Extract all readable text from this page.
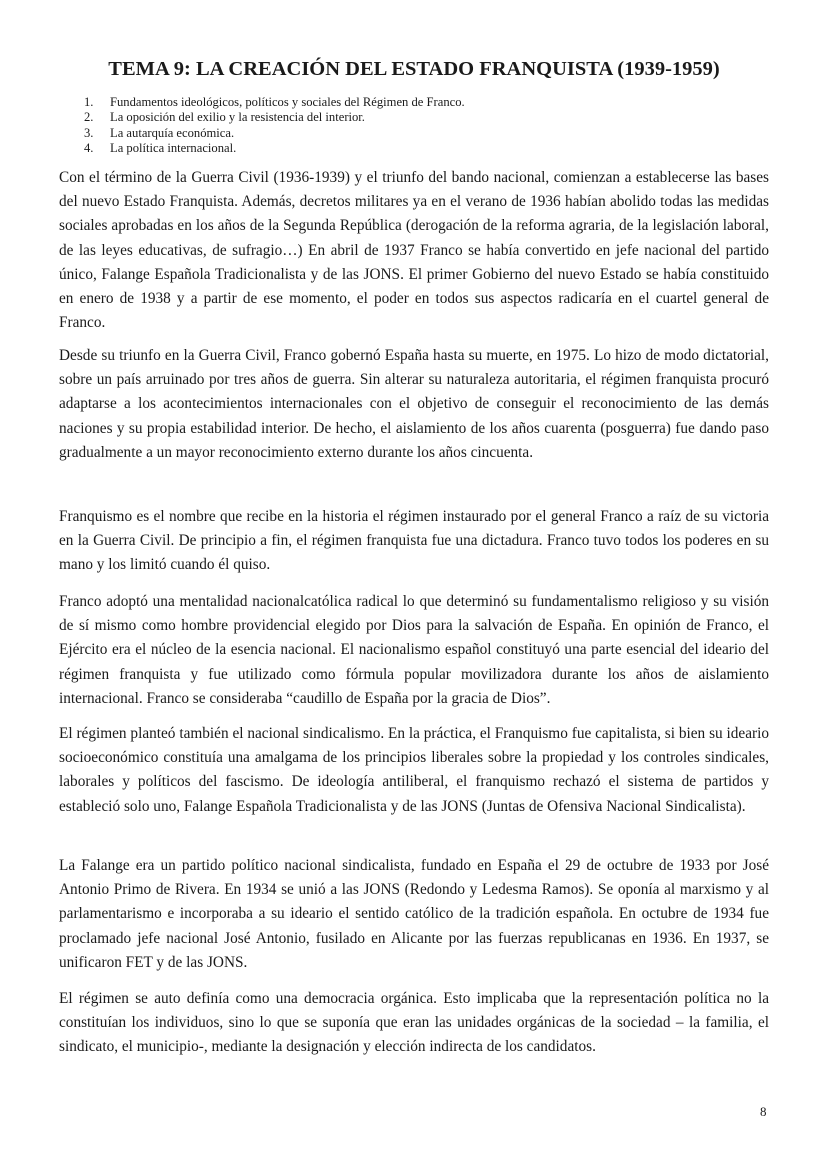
TEMA 9: LA CREACIÓN DEL ESTADO FRANQUISTA (1939-1959)
1.	Fundamentos ideológicos, políticos y sociales del Régimen de Franco.
2.	La oposición del exilio y la resistencia del interior.
3.	La autarquía económica.
4.	La política internacional.

Con el término de la Guerra Civil (1936-1939) y el triunfo del bando nacional, comienzan a establecerse las bases del nuevo Estado Franquista. Además, decretos militares ya en el verano de 1936 habían abolido todas las medidas sociales aprobadas en los años de la Segunda República (derogación de la reforma agraria, de la legislación laboral, de las leyes educativas, de sufragio…) En abril de 1937 Franco se había convertido en jefe nacional del partido único, Falange Española Tradicionalista y de las JONS. El primer Gobierno del nuevo Estado se había constituido en enero de 1938 y a partir de ese momento, el poder en todos sus aspectos radicaría en el cuartel general de Franco.

Desde su triunfo en la Guerra Civil, Franco gobernó España hasta su muerte, en 1975. Lo hizo de modo dictatorial, sobre un país arruinado por tres años de guerra. Sin alterar su naturaleza autoritaria, el régimen franquista procuró adaptarse a los acontecimientos internacionales con el objetivo de conseguir el reconocimiento de las demás naciones y su propia estabilidad interior. De hecho, el aislamiento de los años cuarenta (posguerra) fue dando paso gradualmente a un mayor reconocimiento externo durante los años cincuenta.

Franquismo es el nombre que recibe en la historia el régimen instaurado por el general Franco a raíz de su victoria en la Guerra Civil. De principio a fin, el régimen franquista fue una dictadura. Franco tuvo todos los poderes en su mano y los limitó cuando él quiso.

Franco adoptó una mentalidad nacionalcatólica radical lo que determinó su fundamentalismo religioso y su visión de sí mismo como hombre providencial elegido por Dios para la salvación de España. En opinión de Franco, el Ejército era el núcleo de la esencia nacional. El nacionalismo español constituyó una parte esencial del ideario del régimen franquista y fue utilizado como fórmula popular movilizadora durante los años de aislamiento internacional. Franco se consideraba “caudillo de España por la gracia de Dios”.

El régimen planteó también el nacional sindicalismo. En la práctica, el Franquismo fue capitalista, si bien su ideario socioeconómico constituía una amalgama de los principios liberales sobre la propiedad y los controles sindicales, laborales y políticos del fascismo. De ideología antiliberal, el franquismo rechazó el sistema de partidos y estableció solo uno, Falange Española Tradicionalista y de las JONS (Juntas de Ofensiva Nacional Sindicalista).

La Falange era un partido político nacional sindicalista, fundado en España el 29 de octubre de 1933 por José Antonio Primo de Rivera. En 1934 se unió a las JONS (Redondo y Ledesma Ramos). Se oponía al marxismo y al parlamentarismo e incorporaba a su ideario el sentido católico de la tradición española. En octubre de 1934 fue proclamado jefe nacional José Antonio, fusilado en Alicante por las fuerzas republicanas en 1936. En 1937, se unificaron FET y de las JONS.

El régimen se auto definía como una democracia orgánica. Esto implicaba que la representación política no la constituían los individuos, sino lo que se suponía que eran las unidades orgánicas de la sociedad – la familia, el sindicato, el municipio-, mediante la designación y elección indirecta de los candidatos.

8
